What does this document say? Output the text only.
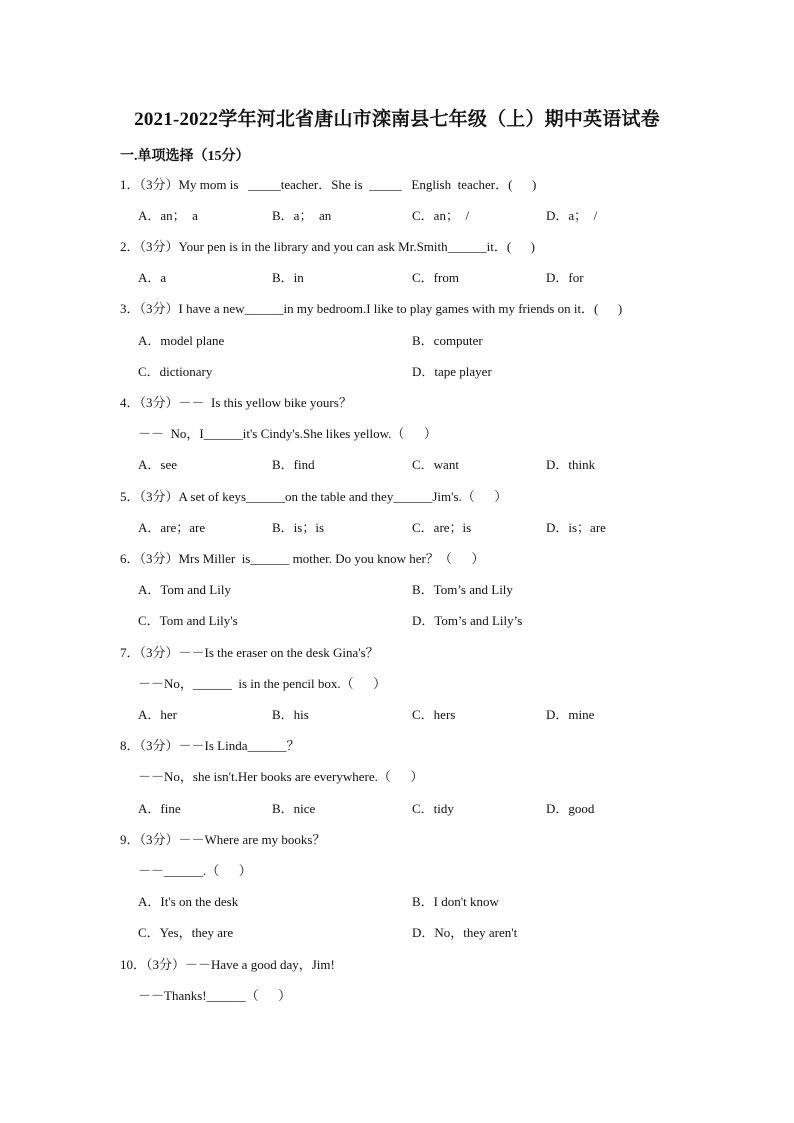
2021-2022学年河北省唐山市滦南县七年级（上）期中英语试卷
一.单项选择（15分）
1．（3分）My mom is   _____teacher．She is  _____   English  teacher．(      )
A．an；  a	B．a；  an	C．an；  /	D．a；  /
2．（3分）Your pen is in the library and you can ask Mr.Smith______it．(      )
A．a	B．in	C．from	D．for
3．（3分）I have a new______in my bedroom.I like to play games with my friends on it．(      )
A．model plane	B．computer
C．dictionary	D．tape player
4．（3分）－－  Is this yellow bike yours？
－－  No，I______it's Cindy's.She likes yellow.（      ）
A．see	B．find	C．want	D．think
5．（3分）A set of keys______on the table and they______Jim's.（      ）
A．are；are	B．is；is	C．are；is	D．is；are
6．（3分）Mrs Miller  is______ mother. Do you know her？（      ）
A．Tom and Lily	B．Tom’s and Lily
C．Tom and Lily's	D．Tom’s and Lily’s
7．（3分）－－Is the eraser on the desk Gina's？
－－No，______  is in the pencil box.（      ）
A．her	B．his	C．hers	D．mine
8．（3分）－－Is Linda______？
－－No，she isn't.Her books are everywhere.（      ）
A．fine	B．nice	C．tidy	D．good
9．（3分）－－Where are my books？
－－______.（      ）
A．It's on the desk	B．I don't know
C．Yes，they are	D．No，they aren't
10．（3分）－－Have a good day，Jim!
－－Thanks!______（      ）
